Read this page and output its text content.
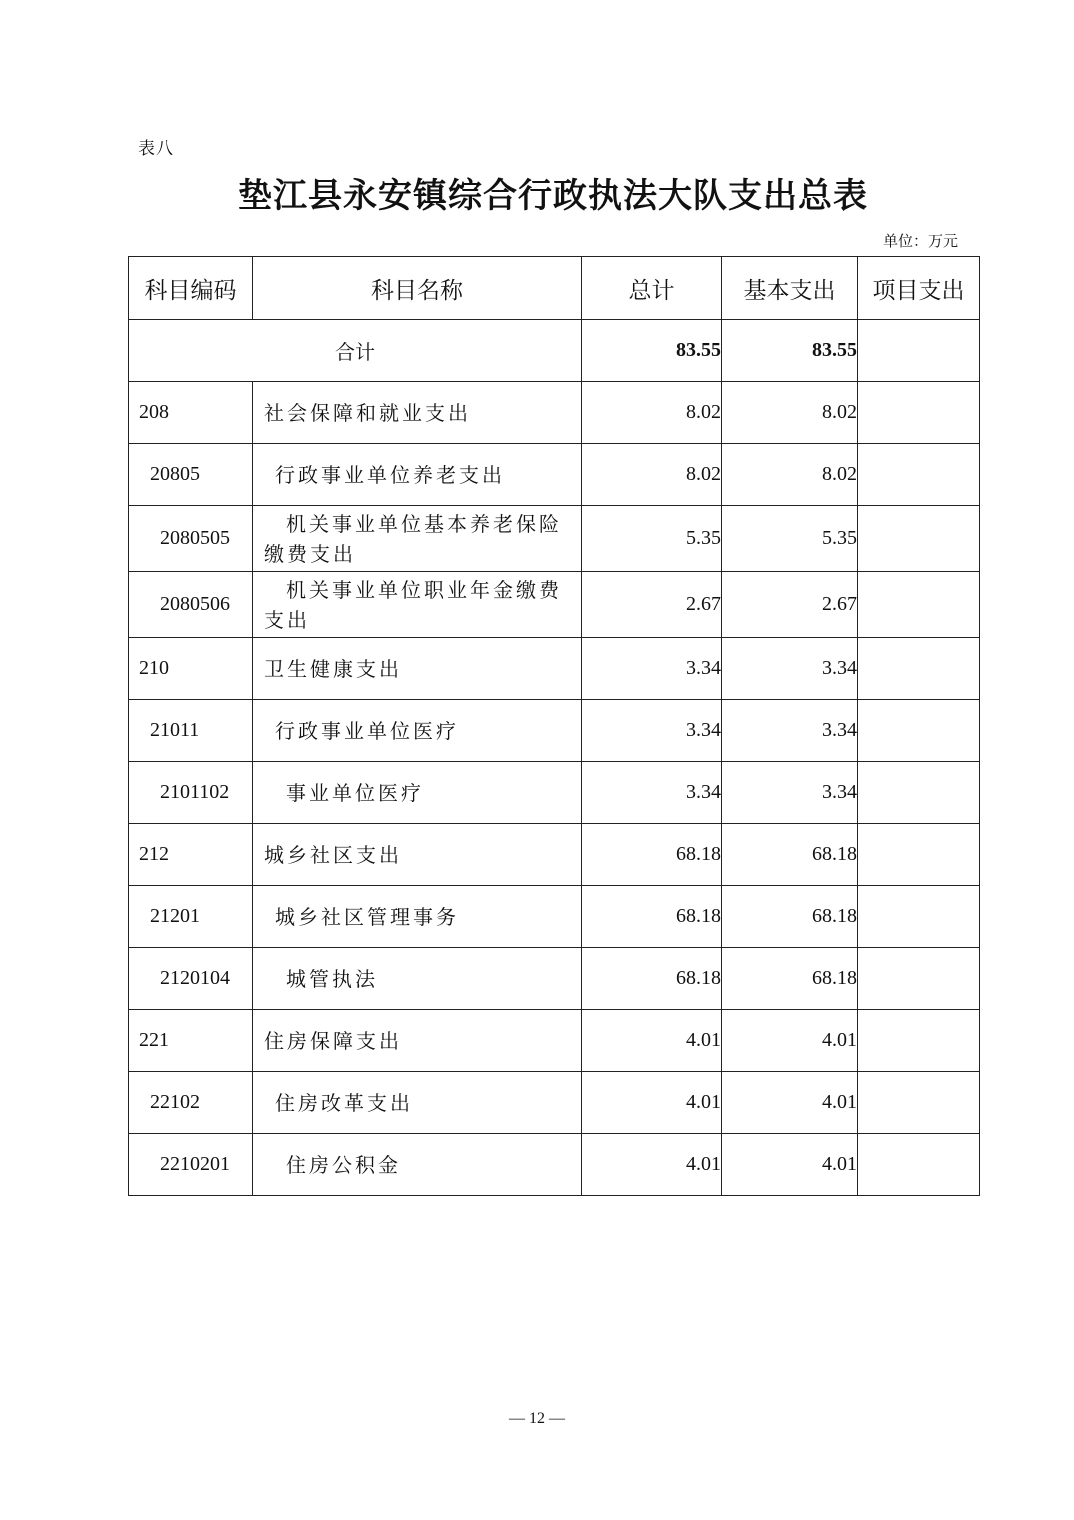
表八
垫江县永安镇综合行政执法大队支出总表
单位：万元
科目编码	科目名称	总计	基本支出	项目支出
合计		83.55	83.55	
208	社会保障和就业支出	8.02	8.02	
20805	行政事业单位养老支出	8.02	8.02	
2080505	机关事业单位基本养老保险缴费支出	5.35	5.35	
2080506	机关事业单位职业年金缴费支出	2.67	2.67	
210	卫生健康支出	3.34	3.34	
21011	行政事业单位医疗	3.34	3.34	
2101102	事业单位医疗	3.34	3.34	
212	城乡社区支出	68.18	68.18	
21201	城乡社区管理事务	68.18	68.18	
2120104	城管执法	68.18	68.18	
221	住房保障支出	4.01	4.01	
22102	住房改革支出	4.01	4.01	
2210201	住房公积金	4.01	4.01	
— 12 —
